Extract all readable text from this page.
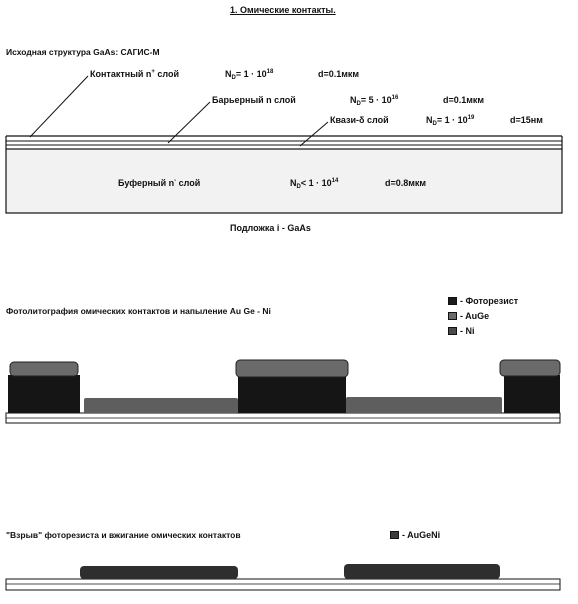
1. Омические контакты.
Исходная структура GaAs: САГИС-М
Контактный n+ слой	$N_D= 1 \cdot 10^{18}$	d=0.1мкм
Барьерный n слой	$N_D= 5 \cdot 10^{16}$	d=0.1мкм
Квази-δ слой	$N_D= 1 \cdot 10^{19}$	d=15нм
Буферный n- слой	$N_D< 1 \cdot 10^{14}$	d=0.8мкм
Подложка i - GaAs
Фотолитография омических контактов и напыление Au Ge - Ni
- Фоторезист
- AuGe
- Ni
"Взрыв" фоторезиста и вжигание омических контактов	- AuGeNi
